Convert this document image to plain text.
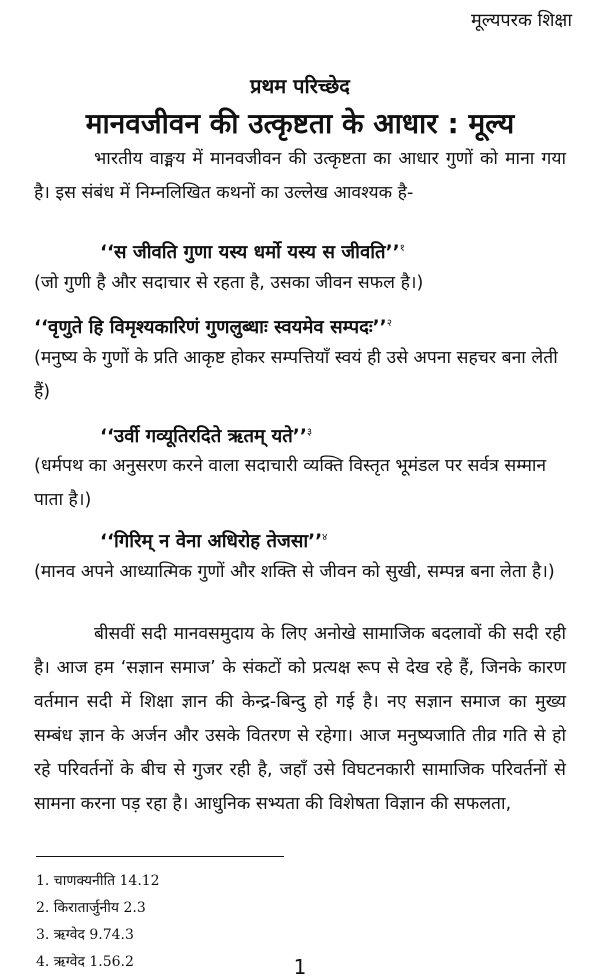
मूल्यपरक शिक्षा
प्रथम परिच्छेद
मानवजीवन की उत्कृष्टता के आधार : मूल्य

भारतीय वाङ्मय में मानवजीवन की उत्कृष्टता का आधार गुणों को माना गया है। इस संबंध में निम्नलिखित कथनों का उल्लेख आवश्यक है-

‘‘स जीवति गुणा यस्य धर्मो यस्य स जीवति’’$^१$
(जो गुणी है और सदाचार से रहता है, उसका जीवन सफल है।)
‘‘वृणुते हि विमृश्यकारिणं गुणलुब्धाः स्वयमेव सम्पदः’’$^२$
(मनुष्य के गुणों के प्रति आकृष्ट होकर सम्पत्तियाँ स्वयं ही उसे अपना सहचर बना लेती हैं)
‘‘उर्वी गव्यूतिरदिते ऋतम् यते’’$^३$
(धर्मपथ का अनुसरण करने वाला सदाचारी व्यक्ति विस्तृत भूमंडल पर सर्वत्र सम्मान पाता है।)
‘‘गिरिम् न वेना अधिरोह तेजसा’’$^४$
(मानव अपने आध्यात्मिक गुणों और शक्ति से जीवन को सुखी, सम्पन्न बना लेता है।)

बीसवीं सदी मानवसमुदाय के लिए अनोखे सामाजिक बदलावों की सदी रही है। आज हम ‘सज्ञान समाज’ के संकटों को प्रत्यक्ष रूप से देख रहे हैं, जिनके कारण वर्तमान सदी में शिक्षा ज्ञान की केन्द्र-बिन्दु हो गई है। नए सज्ञान समाज का मुख्य सम्बंध ज्ञान के अर्जन और उसके वितरण से रहेगा। आज मनुष्यजाति तीव्र गति से हो रहे परिवर्तनों के बीच से गुजर रही है, जहाँ उसे विघटनकारी सामाजिक परिवर्तनों से सामना करना पड़ रहा है। आधुनिक सभ्यता की विशेषता विज्ञान की सफलता,

1. चाणक्यनीति 14.12
2. किरातार्जुनीय 2.3
3. ऋग्वेद 9.74.3
4. ऋग्वेद 1.56.2	1
